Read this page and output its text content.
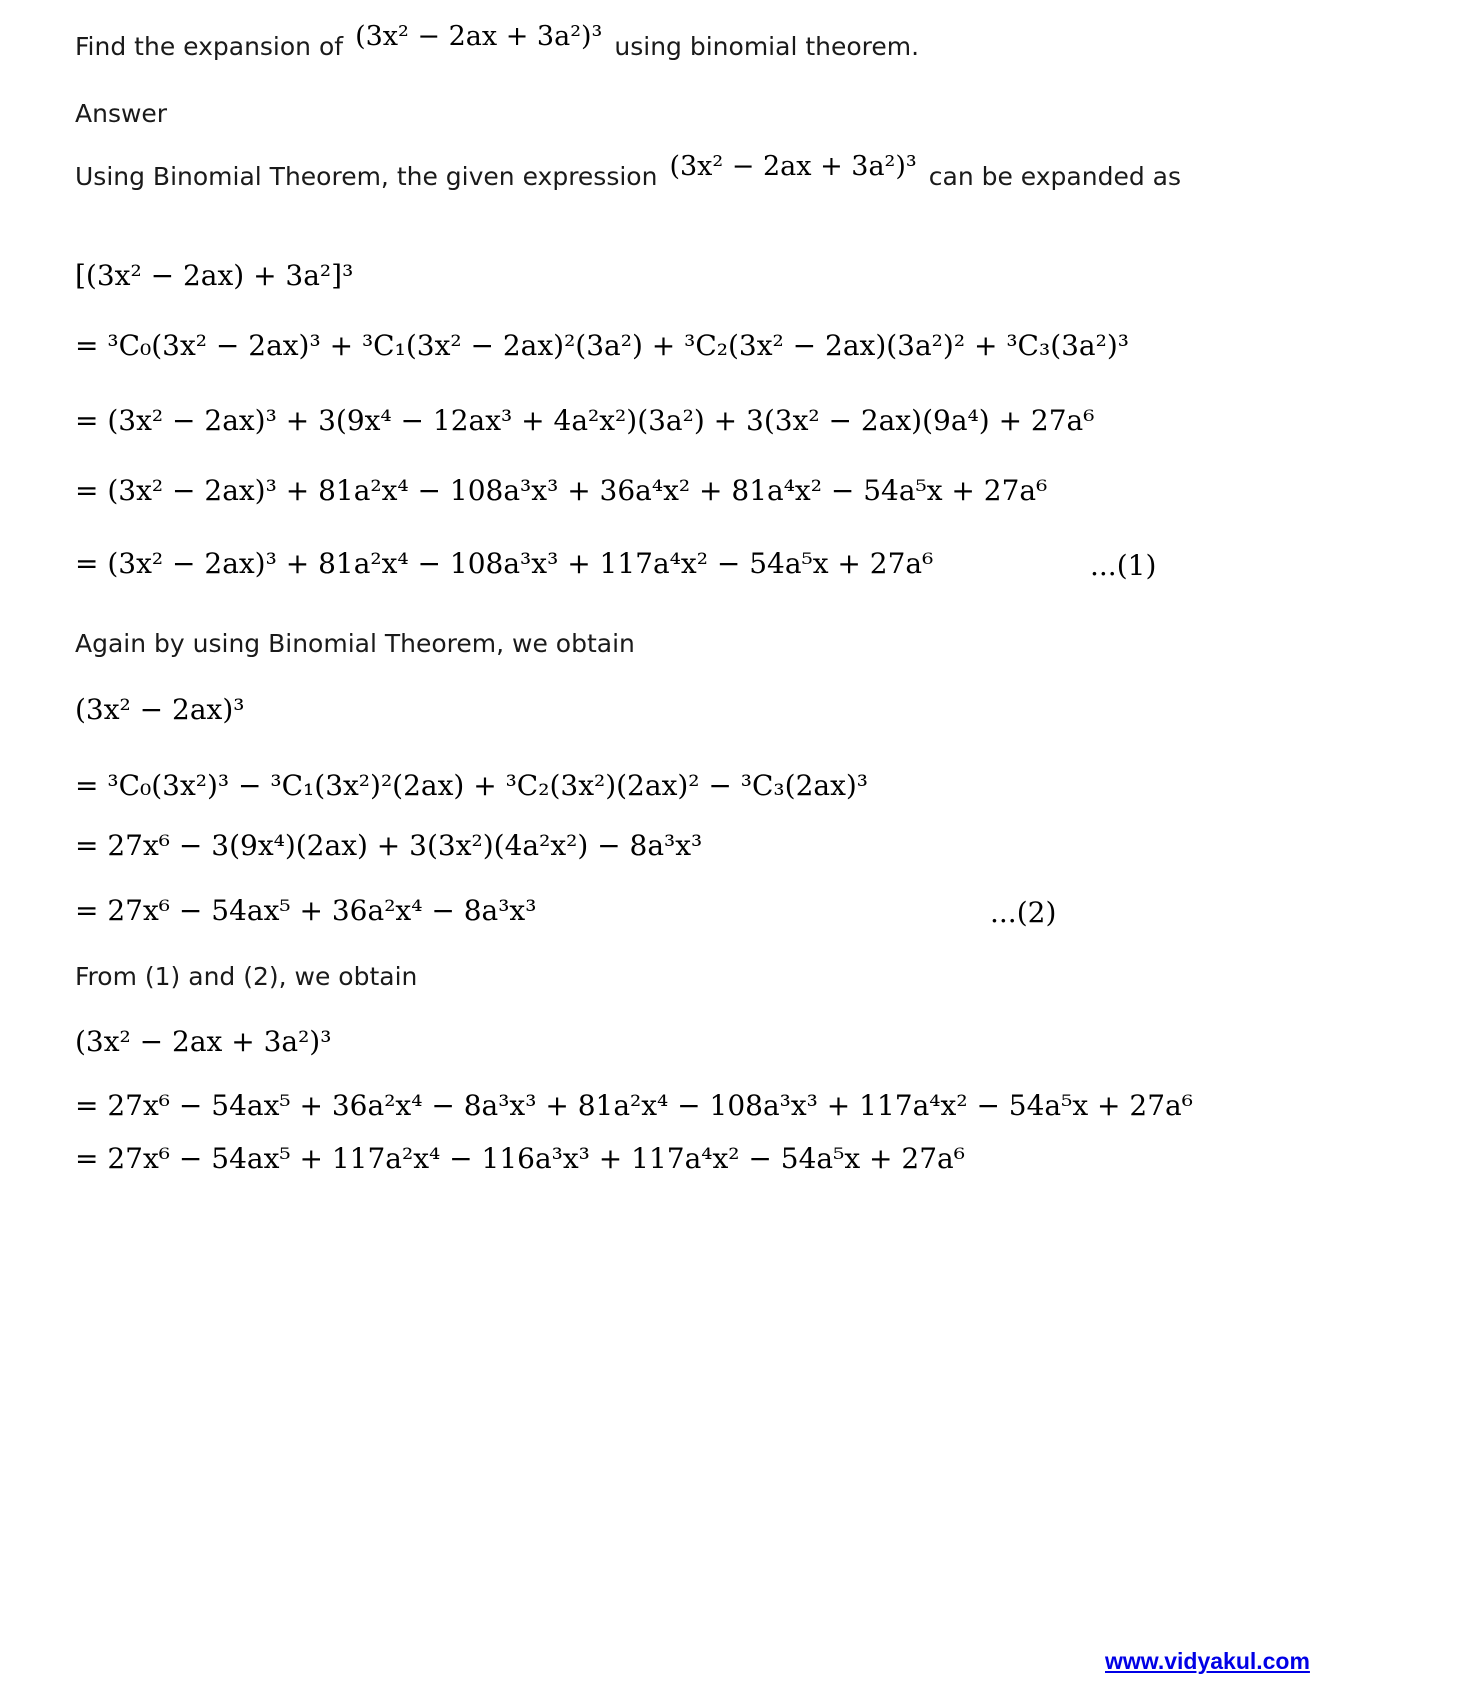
Find the expansion of (3x² − 2ax + 3a²)³ using binomial theorem.
Answer
Using Binomial Theorem, the given expression (3x² − 2ax + 3a²)³ can be expanded as
[(3x² − 2ax) + 3a²]³
= ³C₀(3x² − 2ax)³ + ³C₁(3x² − 2ax)²(3a²) + ³C₂(3x² − 2ax)(3a²)² + ³C₃(3a²)³
= (3x² − 2ax)³ + 3(9x⁴ − 12ax³ + 4a²x²)(3a²) + 3(3x² − 2ax)(9a⁴) + 27a⁶
= (3x² − 2ax)³ + 81a²x⁴ − 108a³x³ + 36a⁴x² + 81a⁴x² − 54a⁵x + 27a⁶
= (3x² − 2ax)³ + 81a²x⁴ − 108a³x³ + 117a⁴x² − 54a⁵x + 27a⁶	...(1)
Again by using Binomial Theorem, we obtain
(3x² − 2ax)³
= ³C₀(3x²)³ − ³C₁(3x²)²(2ax) + ³C₂(3x²)(2ax)² − ³C₃(2ax)³
= 27x⁶ − 3(9x⁴)(2ax) + 3(3x²)(4a²x²) − 8a³x³
= 27x⁶ − 54ax⁵ + 36a²x⁴ − 8a³x³	...(2)
From (1) and (2), we obtain
(3x² − 2ax + 3a²)³
= 27x⁶ − 54ax⁵ + 36a²x⁴ − 8a³x³ + 81a²x⁴ − 108a³x³ + 117a⁴x² − 54a⁵x + 27a⁶
= 27x⁶ − 54ax⁵ + 117a²x⁴ − 116a³x³ + 117a⁴x² − 54a⁵x + 27a⁶
www.vidyakul.com
